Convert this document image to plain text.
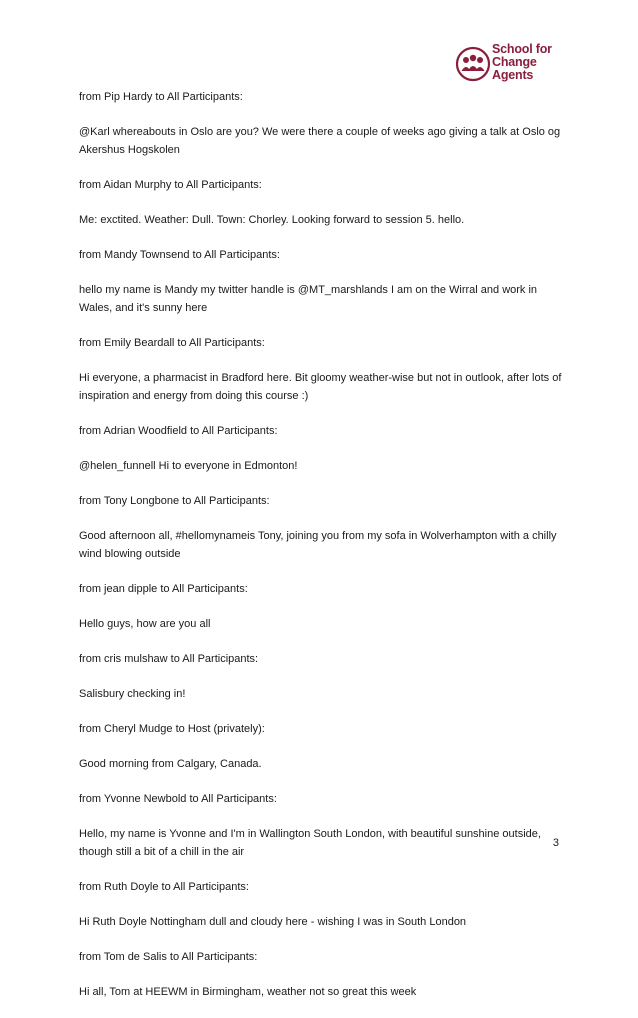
School for
Change
Agents

from Pip Hardy to All Participants:

@Karl whereabouts in Oslo are you? We were there a couple of weeks ago giving a talk at Oslo og Akershus Hogskolen

from Aidan Murphy to All Participants:

Me: exctited. Weather: Dull. Town: Chorley. Looking forward to session 5. hello.

from Mandy Townsend to All Participants:

hello my name is Mandy my twitter handle is @MT_marshlands I am on the Wirral and work in Wales, and it's sunny here

from Emily Beardall to All Participants:

Hi everyone, a pharmacist in Bradford here. Bit gloomy weather-wise but not in outlook, after lots of inspiration and energy from doing this course :)

from Adrian Woodfield to All Participants:

@helen_funnell Hi to everyone in Edmonton!

from Tony Longbone to All Participants:

Good afternoon all, #hellomynameis Tony, joining you from my sofa in Wolverhampton with a chilly wind blowing outside

from jean dipple to All Participants:

Hello guys, how are you all

from cris mulshaw to All Participants:

Salisbury checking in!

from Cheryl Mudge to Host (privately):

Good morning from Calgary, Canada.

from Yvonne Newbold to All Participants:

Hello, my name is Yvonne and I'm in Wallington South London, with beautiful sunshine outside, though still a bit of a chill in the air

from Ruth Doyle to All Participants:

Hi Ruth Doyle Nottingham dull and cloudy here - wishing I was in South London

from Tom de Salis to All Participants:

Hi all, Tom at HEEWM in Birmingham, weather not so great this week

3
